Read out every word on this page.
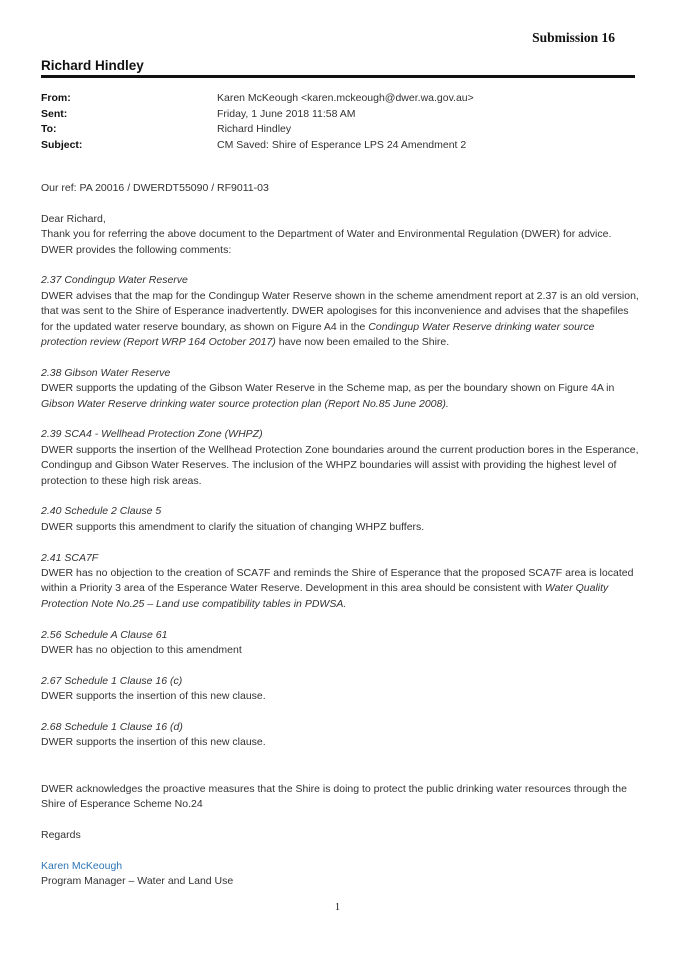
Submission 16
Richard Hindley
From:	Karen McKeough <karen.mckeough@dwer.wa.gov.au>
Sent:	Friday, 1 June 2018 11:58 AM
To:	Richard Hindley
Subject:	CM Saved: Shire of Esperance LPS 24 Amendment 2

Our ref: PA 20016 / DWERDT55090 / RF9011-03

Dear Richard,

Thank you for referring the above document to the Department of Water and Environmental Regulation (DWER) for advice. DWER provides the following comments:

2.37 Condingup Water Reserve

DWER advises that the map for the Condingup Water Reserve shown in the scheme amendment report at 2.37 is an old version, that was sent to the Shire of Esperance inadvertently. DWER apologises for this inconvenience and advises that the shapefiles for the updated water reserve boundary, as shown on Figure A4 in the Condingup Water Reserve drinking water source protection review (Report WRP 164 October 2017) have now been emailed to the Shire.

2.38 Gibson Water Reserve

DWER supports the updating of the Gibson Water Reserve in the Scheme map, as per the boundary shown on Figure 4A in Gibson Water Reserve drinking water source protection plan (Report No.85 June 2008).

2.39 SCA4 - Wellhead Protection Zone (WHPZ)

DWER supports the insertion of the Wellhead Protection Zone boundaries around the current production bores in the Esperance, Condingup and Gibson Water Reserves. The inclusion of the WHPZ boundaries will assist with providing the highest level of protection to these high risk areas.

2.40 Schedule 2 Clause 5

DWER supports this amendment to clarify the situation of changing WHPZ buffers.

2.41 SCA7F

DWER has no objection to the creation of SCA7F and reminds the Shire of Esperance that the proposed SCA7F area is located within a Priority 3 area of the Esperance Water Reserve. Development in this area should be consistent with Water Quality Protection Note No.25 – Land use compatibility tables in PDWSA.

2.56 Schedule A Clause 61

DWER has no objection to this amendment

2.67 Schedule 1 Clause 16 (c)

DWER supports the insertion of this new clause.

2.68 Schedule 1 Clause 16 (d)

DWER supports the insertion of this new clause.

DWER acknowledges the proactive measures that the Shire is doing to protect the public drinking water resources through the Shire of Esperance Scheme No.24

Regards

Karen McKeough

Program Manager – Water and Land Use

1
